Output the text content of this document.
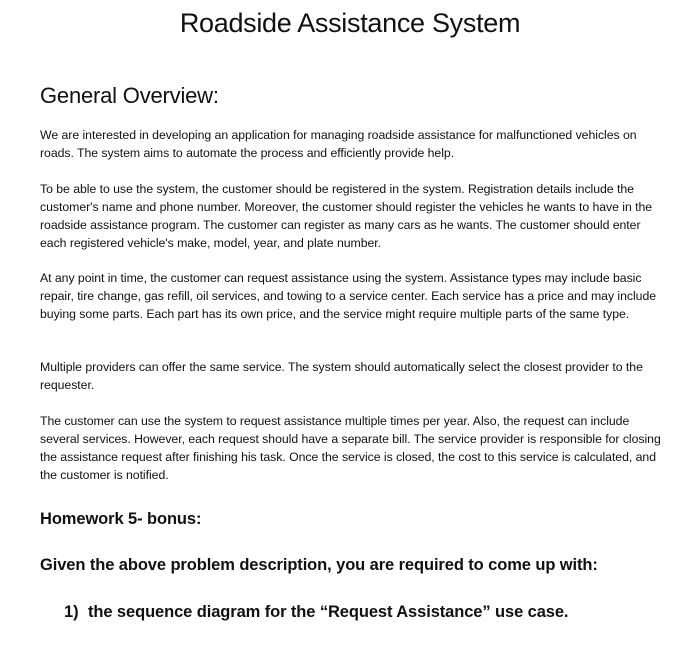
Roadside Assistance System
General Overview:

We are interested in developing an application for managing roadside assistance for malfunctioned vehicles on roads. The system aims to automate the process and efficiently provide help.

To be able to use the system, the customer should be registered in the system. Registration details include the customer's name and phone number. Moreover, the customer should register the vehicles he wants to have in the roadside assistance program. The customer can register as many cars as he wants. The customer should enter each registered vehicle's make, model, year, and plate number.

At any point in time, the customer can request assistance using the system. Assistance types may include basic repair, tire change, gas refill, oil services, and towing to a service center. Each service has a price and may include buying some parts. Each part has its own price, and the service might require multiple parts of the same type.

Multiple providers can offer the same service. The system should automatically select the closest provider to the requester.

The customer can use the system to request assistance multiple times per year. Also, the request can include several services. However, each request should have a separate bill. The service provider is responsible for closing the assistance request after finishing his task. Once the service is closed, the cost to this service is calculated, and the customer is notified.

Homework 5- bonus:
Given the above problem description, you are required to come up with:
1) the sequence diagram for the “Request Assistance” use case.
